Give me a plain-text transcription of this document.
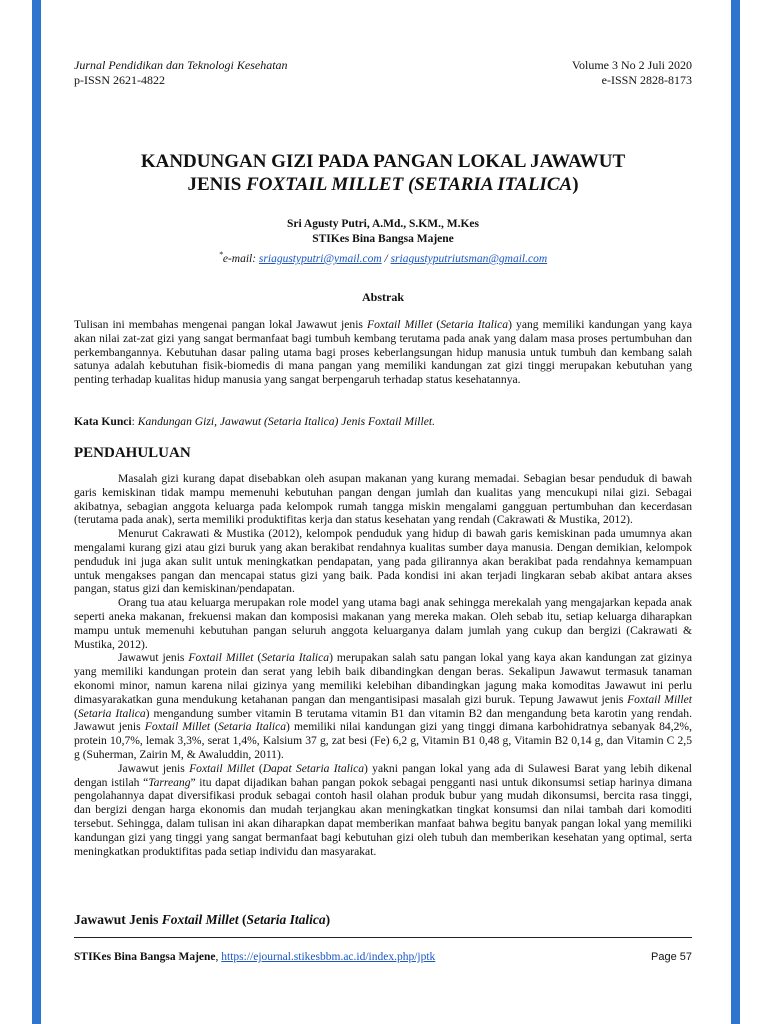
Jurnal Pendidikan dan Teknologi Kesehatan	Volume 3 No 2 Juli 2020
p-ISSN 2621-4822	e-ISSN 2828-8173
KANDUNGAN GIZI PADA PANGAN LOKAL JAWAWUT
JENIS FOXTAIL MILLET (SETARIA ITALICA)
Sri Agusty Putri, A.Md., S.KM., M.Kes
STIKes Bina Bangsa Majene
*e-mail: sriagustyputri@ymail.com / sriagustyputriutsman@gmail.com
Abstrak

Tulisan ini membahas mengenai pangan lokal Jawawut jenis Foxtail Millet (Setaria Italica) yang memiliki kandungan yang kaya akan nilai zat-zat gizi yang sangat bermanfaat bagi tumbuh kembang terutama pada anak yang dalam masa proses pertumbuhan dan perkembangannya. Kebutuhan dasar paling utama bagi proses keberlangsungan hidup manusia untuk tumbuh dan kembang salah satunya adalah kebutuhan fisik-biomedis di mana pangan yang memiliki kandungan zat gizi tinggi merupakan kebutuhan yang penting terhadap kualitas hidup manusia yang sangat berpengaruh terhadap status kesehatannya.

Kata Kunci: Kandungan Gizi, Jawawut (Setaria Italica) Jenis Foxtail Millet.
PENDAHULUAN

Masalah gizi kurang dapat disebabkan oleh asupan makanan yang kurang memadai. Sebagian besar penduduk di bawah garis kemiskinan tidak mampu memenuhi kebutuhan pangan dengan jumlah dan kualitas yang mencukupi nilai gizi. Sebagai akibatnya, sebagian anggota keluarga pada kelompok rumah tangga miskin mengalami gangguan pertumbuhan dan kecerdasan (terutama pada anak), serta memiliki produktifitas kerja dan status kesehatan yang rendah (Cakrawati & Mustika, 2012).

Menurut Cakrawati & Mustika (2012), kelompok penduduk yang hidup di bawah garis kemiskinan pada umumnya akan mengalami kurang gizi atau gizi buruk yang akan berakibat rendahnya kualitas sumber daya manusia. Dengan demikian, kelompok penduduk ini juga akan sulit untuk meningkatkan pendapatan, yang pada gilirannya akan berakibat pada rendahnya kemampuan untuk mengakses pangan dan mencapai status gizi yang baik. Pada kondisi ini akan terjadi lingkaran sebab akibat antara akses pangan, status gizi dan kemiskinan/pendapatan.

Orang tua atau keluarga merupakan role model yang utama bagi anak sehingga merekalah yang mengajarkan kepada anak seperti aneka makanan, frekuensi makan dan komposisi makanan yang mereka makan. Oleh sebab itu, setiap keluarga diharapkan mampu untuk memenuhi kebutuhan pangan seluruh anggota keluarganya dalam jumlah yang cukup dan bergizi (Cakrawati & Mustika, 2012).

Jawawut jenis Foxtail Millet (Setaria Italica) merupakan salah satu pangan lokal yang kaya akan kandungan zat gizinya yang memiliki kandungan protein dan serat yang lebih baik dibandingkan dengan beras. Sekalipun Jawawut termasuk tanaman ekonomi minor, namun karena nilai gizinya yang memiliki kelebihan dibandingkan jagung maka komoditas Jawawut ini perlu dimasyarakatkan guna mendukung ketahanan pangan dan mengantisipasi masalah gizi buruk. Tepung Jawawut jenis Foxtail Millet (Setaria Italica) mengandung sumber vitamin B terutama vitamin B1 dan vitamin B2 dan mengandung beta karotin yang rendah. Jawawut jenis Foxtail Millet (Setaria Italica) memiliki nilai kandungan gizi yang tinggi dimana karbohidratnya sebanyak 84,2%, protein 10,7%, lemak 3,3%, serat 1,4%, Kalsium 37 g, zat besi (Fe) 6,2 g, Vitamin B1 0,48 g, Vitamin B2 0,14 g, dan Vitamin C 2,5 g (Suherman, Zairin M, & Awaluddin, 2011).

Jawawut jenis Foxtail Millet (Dapat Setaria Italica) yakni pangan lokal yang ada di Sulawesi Barat yang lebih dikenal dengan istilah “Tarreang” itu dapat dijadikan bahan pangan pokok sebagai pengganti nasi untuk dikonsumsi setiap harinya dimana pengolahannya dapat diversifikasi produk sebagai contoh hasil olahan produk bubur yang mudah dikonsumsi, bercita rasa tinggi, dan bergizi dengan harga ekonomis dan mudah terjangkau akan meningkatkan tingkat konsumsi dan nilai tambah dari komoditi tersebut. Sehingga, dalam tulisan ini akan diharapkan dapat memberikan manfaat bahwa begitu banyak pangan lokal yang memiliki kandungan gizi yang tinggi yang sangat bermanfaat bagi kebutuhan gizi oleh tubuh dan memberikan kesehatan yang optimal, serta meningkatkan produktifitas pada setiap individu dan masyarakat.

Jawawut Jenis Foxtail Millet (Setaria Italica)
STIKes Bina Bangsa Majene, https://ejournal.stikesbbm.ac.id/index.php/jptk	Page 57
